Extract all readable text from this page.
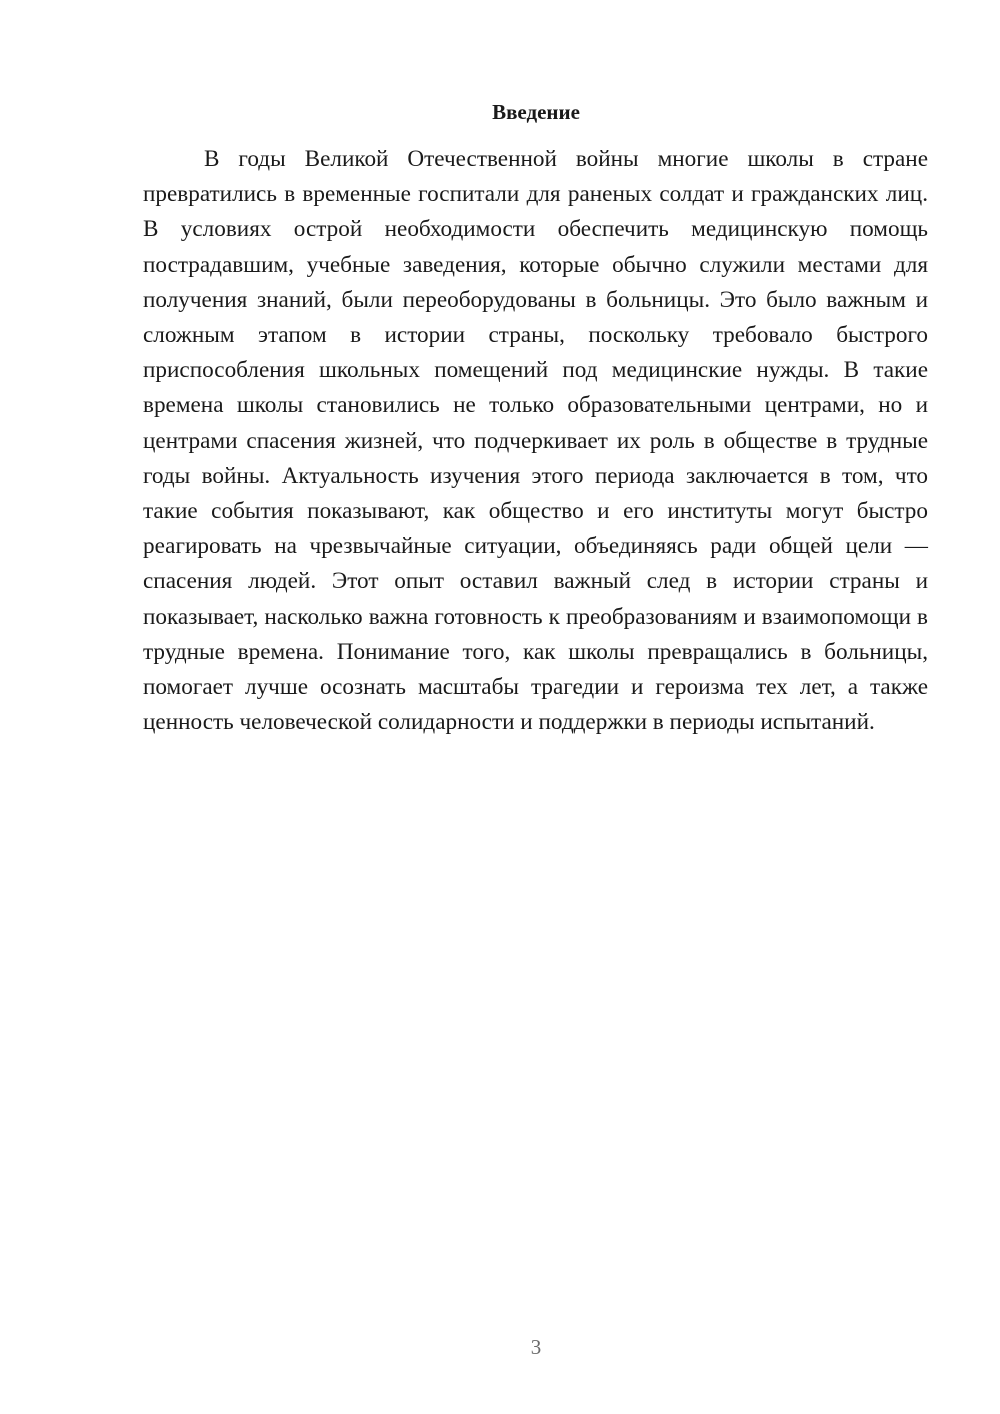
Введение

В годы Великой Отечественной войны многие школы в стране превратились в временные госпитали для раненых солдат и гражданских лиц. В условиях острой необходимости обеспечить медицинскую помощь пострадавшим, учебные заведения, которые обычно служили местами для получения знаний, были переоборудованы в больницы. Это было важным и сложным этапом в истории страны, поскольку требовало быстрого приспособления школьных помещений под медицинские нужды. В такие времена школы становились не только образовательными центрами, но и центрами спасения жизней, что подчеркивает их роль в обществе в трудные годы войны. Актуальность изучения этого периода заключается в том, что такие события показывают, как общество и его институты могут быстро реагировать на чрезвычайные ситуации, объединяясь ради общей цели — спасения людей. Этот опыт оставил важный след в истории страны и показывает, насколько важна готовность к преобразованиям и взаимопомощи в трудные времена. Понимание того, как школы превращались в больницы, помогает лучше осознать масштабы трагедии и героизма тех лет, а также ценность человеческой солидарности и поддержки в периоды испытаний.

3
